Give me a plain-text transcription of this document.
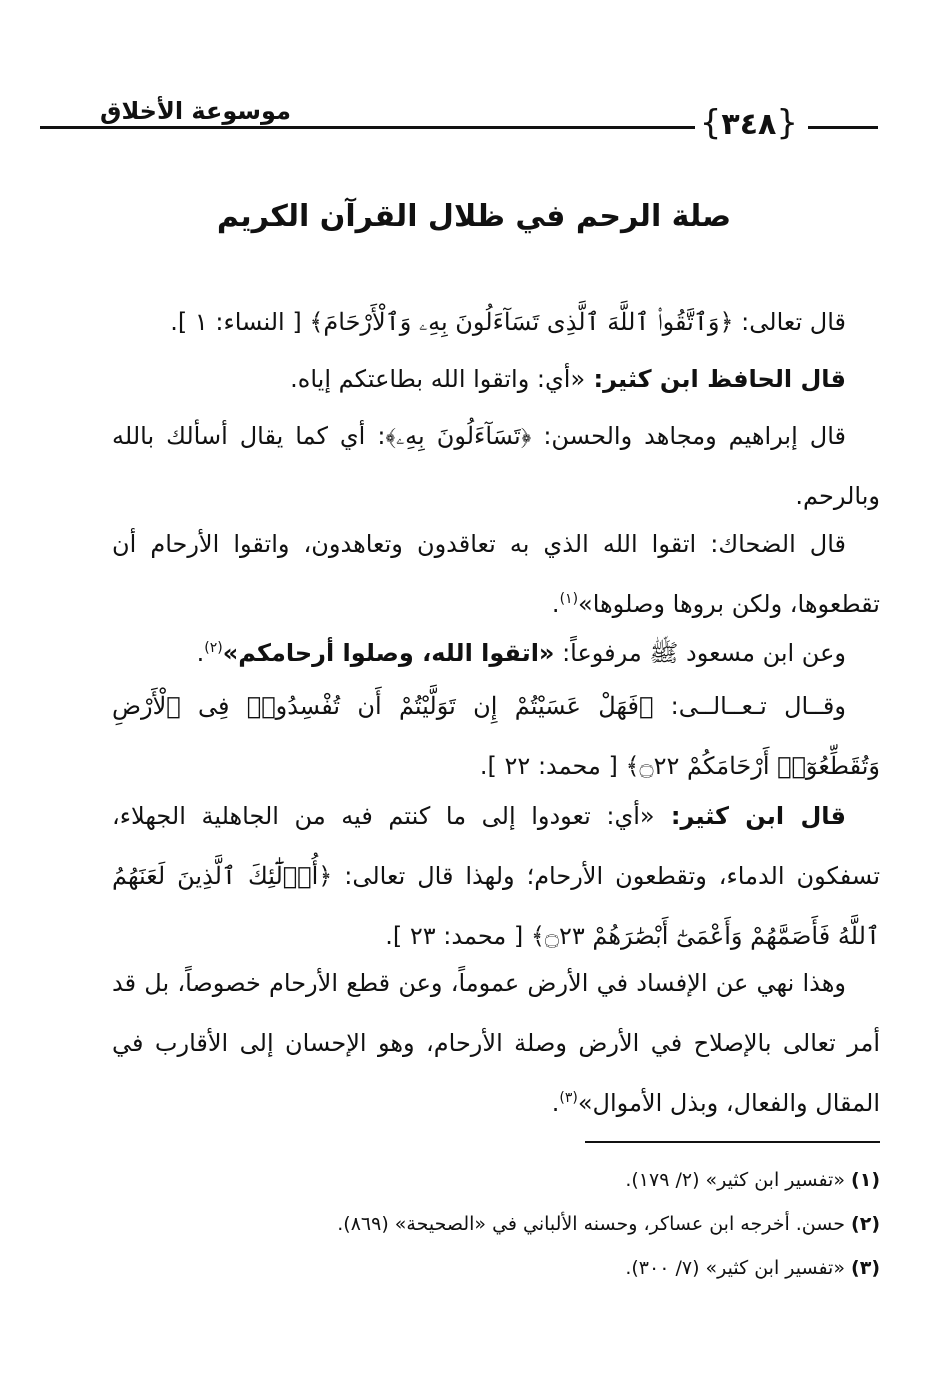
{٣٤٨}
موسوعة الأخلاق
صلة الرحم في ظلال القرآن الكريم
قال تعالى: ﴿وَٱتَّقُوا۟ ٱللَّهَ ٱلَّذِى تَسَآءَلُونَ بِهِۦ وَٱلْأَرْحَامَ﴾ [ النساء: ١ ].
قال الحافظ ابن كثير: «أي: واتقوا الله بطاعتكم إياه.
قال إبراهيم ومجاهد والحسن: ﴿تَسَآءَلُونَ بِهِۦ﴾: أي كما يقال أسألك بالله وبالرحم.
قال الضحاك: اتقوا الله الذي به تعاقدون وتعاهدون، واتقوا الأرحام أن تقطعوها، ولكن بروها وصلوها»$^{(١)}$.
وعن ابن مسعود ﷺ مرفوعاً: «اتقوا الله، وصلوا أرحامكم»$^{(٢)}$.
وقــال تـعــالــى: ﴿فَهَلْ عَسَيْتُمْ إِن تَوَلَّيْتُمْ أَن تُفْسِدُوا۟ فِى ٱلْأَرْضِ وَتُقَطِّعُوٓا۟ أَرْحَامَكُمْ ۝٢٢﴾ [ محمد: ٢٢ ].
قال ابن كثير: «أي: تعودوا إلى ما كنتم فيه من الجاهلية الجهلاء، تسفكون الدماء، وتقطعون الأرحام؛ ولهذا قال تعالى: ﴿أُو۟لَٰٓئِكَ ٱلَّذِينَ لَعَنَهُمُ ٱللَّهُ فَأَصَمَّهُمْ وَأَعْمَىٰٓ أَبْصَٰرَهُمْ ۝٢٣﴾ [ محمد: ٢٣ ].
وهذا نهي عن الإفساد في الأرض عموماً، وعن قطع الأرحام خصوصاً، بل قد أمر تعالى بالإصلاح في الأرض وصلة الأرحام، وهو الإحسان إلى الأقارب في المقال والفعال، وبذل الأموال»$^{(٣)}$.
(١) «تفسير ابن كثير» (٢/ ١٧٩).
(٢) حسن. أخرجه ابن عساكر، وحسنه الألباني في «الصحيحة» (٨٦٩).
(٣) «تفسير ابن كثير» (٧/ ٣٠٠).
